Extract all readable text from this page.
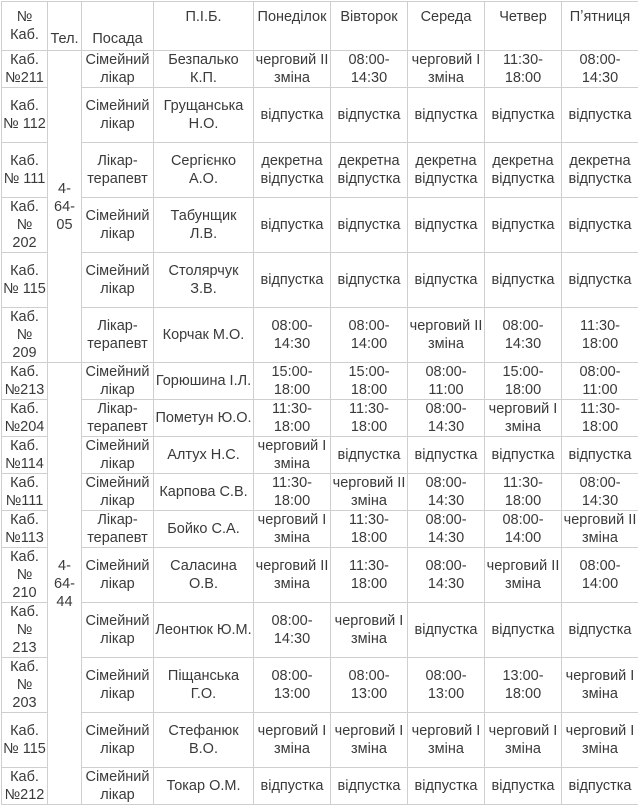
№ Каб.	Тел.	Посада	П.І.Б.	Понеділок	Вівторок	Середа	Четвер	Пʼятниця
Каб. №211	4-64-05	Сімейний лікар	Безпалько К.П.	черговий ІІ зміна	08:00-14:30	черговий І зміна	11:30-18:00	08:00-14:30
Каб. № 112		Сімейний лікар	Грущанська Н.О.	відпустка	відпустка	відпустка	відпустка	відпустка
Каб. № 111		Лікар-терапевт	Сергієнко А.О.	декретна відпустка	декретна відпустка	декретна відпустка	декретна відпустка	декретна відпустка
Каб. № 202		Сімейний лікар	Табунщик Л.В.	відпустка	відпустка	відпустка	відпустка	відпустка
Каб. № 115		Сімейний лікар	Столярчук З.В.	відпустка	відпустка	відпустка	відпустка	відпустка
Каб. № 209		Лікар-терапевт	Корчак М.О.	08:00-14:30	08:00-14:00	черговий ІІ зміна	08:00-14:30	11:30-18:00
Каб. №213	4-64-44	Сімейний лікар	Горюшина І.Л.	15:00-18:00	15:00-18:00	08:00-11:00	15:00-18:00	08:00-11:00
Каб. №204		Лікар-терапевт	Пометун Ю.О.	11:30-18:00	11:30-18:00	08:00-14:30	черговий І зміна	11:30-18:00
Каб. №114		Сімейний лікар	Алтух Н.С.	черговий І зміна	відпустка	відпустка	відпустка	відпустка
Каб. №111		Сімейний лікар	Карпова С.В.	11:30-18:00	черговий ІІ зміна	08:00-14:30	11:30-18:00	08:00-14:30
Каб. №113		Лікар-терапевт	Бойко С.А.	черговий І зміна	11:30-18:00	08:00-14:30	08:00-14:00	черговий ІІ зміна
Каб. № 210		Сімейний лікар	Саласина О.В.	черговий ІІ зміна	11:30-18:00	08:00-14:30	черговий ІІ зміна	08:00-14:00
Каб. № 213		Сімейний лікар	Леонтюк Ю.М.	08:00-14:30	черговий І зміна	відпустка	відпустка	відпустка
Каб. № 203		Сімейний лікар	Піщанська Г.О.	08:00-13:00	08:00-13:00	08:00-13:00	13:00-18:00	черговий І зміна
Каб. № 115		Сімейний лікар	Стефанюк В.О.	черговий І зміна	черговий І зміна	черговий І зміна	черговий І зміна	черговий І зміна
Каб. №212		Сімейний лікар	Токар О.М.	відпустка	відпустка	відпустка	відпустка	відпустка
